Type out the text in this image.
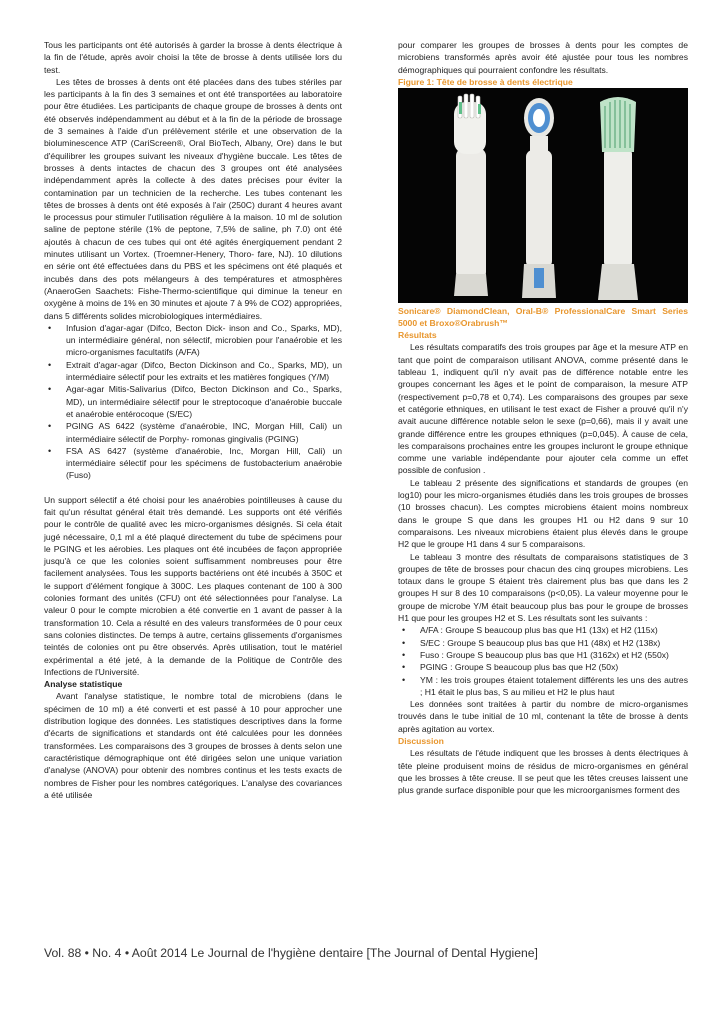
Tous les participants ont été autorisés à garder la brosse à dents électrique à la fin de l'étude, après avoir choisi la tête de brosse à dents utilisée lors du test.

Les têtes de brosses à dents ont été placées dans des tubes stériles par les participants à la fin des 3 semaines et ont été transportées au laboratoire pour être étudiées. Les participants de chaque groupe de brosses à dents ont été observés indépendamment au début et à la fin de la période de brossage de 3 semaines à l'aide d'un prélèvement stérile et une observation de la bioluminescence ATP (CariScreen®, Oral BioTech, Albany, Ore) dans le but d'équilibrer les groupes suivant les niveaux d'hygiène buccale. Les têtes de brosses à dents intactes de chacun des 3 groupes ont été analysées indépendamment après la collecte à des dates précises pour éviter la contamination par un technicien de la recherche. Les tubes contenant les têtes de brosses à dents ont été exposés à l'air (250C) durant 4 heures avant le processus pour stimuler l'utilisation régulière à la maison. 10 ml de solution saline de peptone stérile (1% de peptone, 7,5% de saline, ph 7.0) ont été ajoutés à chacun de ces tubes qui ont été agités énergiquement pendant 2 minutes utilisant un Vortex. (Troemner-Henery, Thoro- fare, NJ). 10 dilutions en série ont été effectuées dans du PBS et les spécimens ont été plaqués et incubés dans des pots mélangeurs à des températures et atmosphères (AnaeroGen Saachets: Fishe-Thermo-scientifique qui diminue la teneur en oxygène à moins de 1% en 30 minutes et ajoute 7 à 9% de CO2) appropriées, dans 5 différents solides microbiologiques intermédiaires.

• Infusion d'agar-agar (Difco, Becton Dick- inson and Co., Sparks, MD), un intermédiaire général, non sélectif, microbien pour l'anaérobie et les micro-organismes facultatifs (A/FA)
• Extrait d'agar-agar (Difco, Becton Dickinson and Co., Sparks, MD), un intermédiaire sélectif pour les extraits et les matières fongiques (Y/M)
• Agar-agar Mitis-Salivarius (Difco, Becton Dickinson and Co., Sparks, MD), un intermédiaire sélectif pour le streptocoque d'anaérobie buccale et anaérobie entérocoque (S/EC)
• PGING AS 6422 (système d'anaérobie, INC, Morgan Hill, Cali) un intermédiaire sélectif de Porphy- romonas gingivalis (PGING)
• FSA AS 6427 (système d'anaérobie, Inc, Morgan Hill, Cali) un intermédiaire sélectif pour les spécimens de fustobacterium anaérobie (Fuso)

Un support sélectif a été choisi pour les anaérobies pointilleuses à cause du fait qu'un résultat général était très demandé. Les supports ont été vérifiés pour le contrôle de qualité avec les micro-organismes désignés. Si cela était jugé nécessaire, 0,1 ml a été plaqué directement du tube de spécimens pour le PGING et les aérobies. Les plaques ont été incubées de façon appropriée jusqu'à ce que les colonies soient suffisamment nombreuses pour être facilement analysées. Tous les supports bactériens ont été incubés à 350C et le support d'élément fongique à 300C. Les plaques contenant de 100 à 300 colonies formant des unités (CFU) ont été sélectionnées pour l'analyse. La valeur 0 pour le compte microbien a été convertie en 1 avant de passer à la transformation 10. Cela a résulté en des valeurs transformées de 0 pour ceux sans colonies distinctes. De temps à autre, certains glissements d'organismes teintés de colonies ont pu être observés. Après utilisation, tout le matériel expérimental a été jeté, à la demande de la Politique de Contrôle des Infections de l'Université.

Analyse statistique

Avant l'analyse statistique, le nombre total de microbiens (dans le spécimen de 10 ml) a été converti et est passé à 10 pour approcher une distribution logique des données. Les statistiques descriptives dans la forme d'écarts de significations et standards ont été calculées pour les données transformées. Les comparaisons des 3 groupes de brosses à dents selon une caractéristique démographique ont été dirigées selon une unique variation d'analyse (ANOVA) pour obtenir des nombres continus et les tests exacts de nombres de Fisher pour les nombres catégoriques. L'analyse des covariances a été utilisée

pour comparer les groupes de brosses à dents pour les comptes de microbiens transformés après avoir été ajustée pour tous les nombres démographiques qui pourraient confondre les résultats.

Figure 1: Tête de brosse à dents électrique

Sonicare® DiamondClean, Oral-B® ProfessionalCare Smart Series 5000 et Broxo®Orabrush™

Résultats

Les résultats comparatifs des trois groupes par âge et la mesure ATP en tant que point de comparaison utilisant ANOVA, comme présenté dans le tableau 1, indiquent qu'il n'y avait pas de différence notable entre les groupes concernant les âges et le point de comparaison, la mesure ATP (respectivement p=0,78 et 0,74). Les comparaisons des groupes par sexe et catégorie ethniques, en utilisant le test exact de Fisher a prouvé qu'il n'y avait aucune différence notable selon le sexe (p=0,66), mais il y avait une grande différence entre les groupes ethniques (p=0,045). À cause de cela, les comparaisons prochaines entre les groupes incluront le groupe ethnique comme une variable indépendante pour ajouter cela comme un effet possible de confusion .

Le tableau 2 présente des significations et standards de groupes (en log10) pour les micro-organismes étudiés dans les trois groupes de brosses (10 brosses chacun). Les comptes microbiens étaient moins nombreux dans le groupe S que dans les groupes H1 ou H2 dans 9 sur 10 comparaisons. Les niveaux microbiens étaient plus élevés dans le groupe H2 que le groupe H1 dans 4 sur 5 comparaisons.

Le tableau 3 montre des résultats de comparaisons statistiques de 3 groupes de tête de brosses pour chacun des cinq groupes microbiens. Les totaux dans le groupe S étaient très clairement plus bas que dans les 2 groupes H sur 8 des 10 comparaisons (p<0,05). La valeur moyenne pour le groupe de microbe Y/M était beaucoup plus bas pour le groupe de brosses H1 que pour les groupes H2 et S. Les résultats sont les suivants :

• A/FA : Groupe S beaucoup plus bas que H1 (13x) et H2 (115x)
• S/EC : Groupe S beaucoup plus bas que H1 (48x) et H2 (138x)
• Fuso : Groupe S beaucoup plus bas que H1 (3162x) et H2 (550x)
• PGING : Groupe S beaucoup plus bas que H2 (50x)
• YM : les trois groupes étaient totalement différents les uns des autres ; H1 était le plus bas, S au milieu et H2 le plus haut

Les données sont traitées à partir du nombre de micro-organismes trouvés dans le tube initial de 10 ml, contenant la tête de brosse à dents après agitation au vortex.

Discussion

Les résultats de l'étude indiquent que les brosses à dents électriques à tête pleine produisent moins de résidus de micro-organismes en général que les brosses à tête creuse. Il se peut que les têtes creuses laissent une plus grande surface disponible pour que les microorganismes forment des

Vol. 88 • No. 4 • Août 2014 Le Journal de l'hygiène dentaire [The Journal of Dental Hygiene]
